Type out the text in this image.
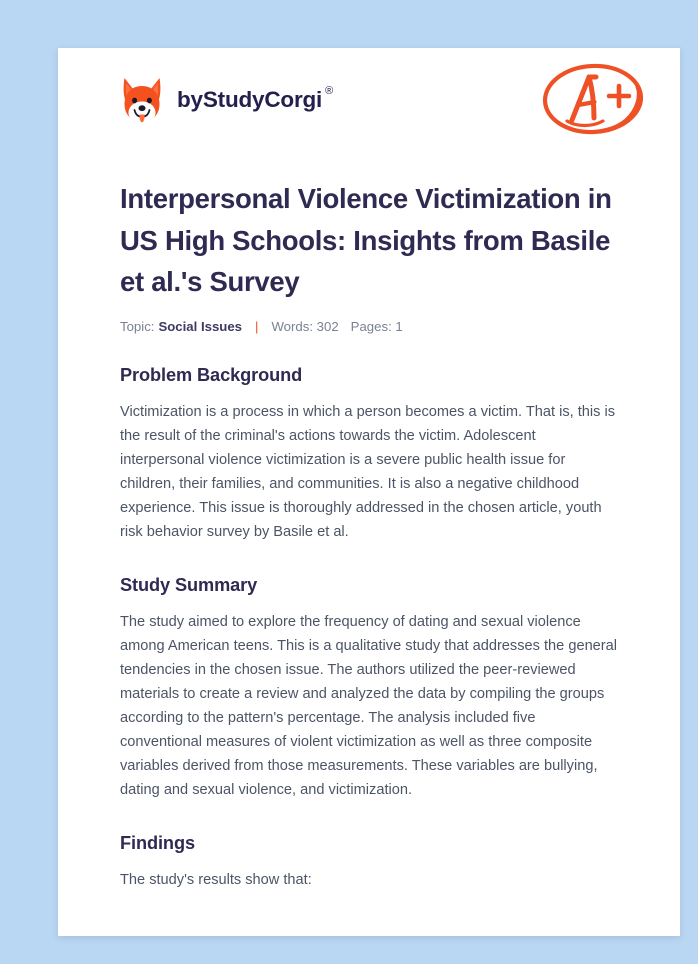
by StudyCorgi ®
Interpersonal Violence Victimization in US High Schools: Insights from Basile et al.'s Survey
Topic: Social Issues | Words: 302 Pages: 1
Problem Background

Victimization is a process in which a person becomes a victim. That is, this is the result of the criminal's actions towards the victim. Adolescent interpersonal violence victimization is a severe public health issue for children, their families, and communities. It is also a negative childhood experience. This issue is thoroughly addressed in the chosen article, youth risk behavior survey by Basile et al.

Study Summary

The study aimed to explore the frequency of dating and sexual violence among American teens. This is a qualitative study that addresses the general tendencies in the chosen issue. The authors utilized the peer-reviewed materials to create a review and analyzed the data by compiling the groups according to the pattern's percentage. The analysis included five conventional measures of violent victimization as well as three composite variables derived from those measurements. These variables are bullying, dating and sexual violence, and victimization.

Findings

The study's results show that:
